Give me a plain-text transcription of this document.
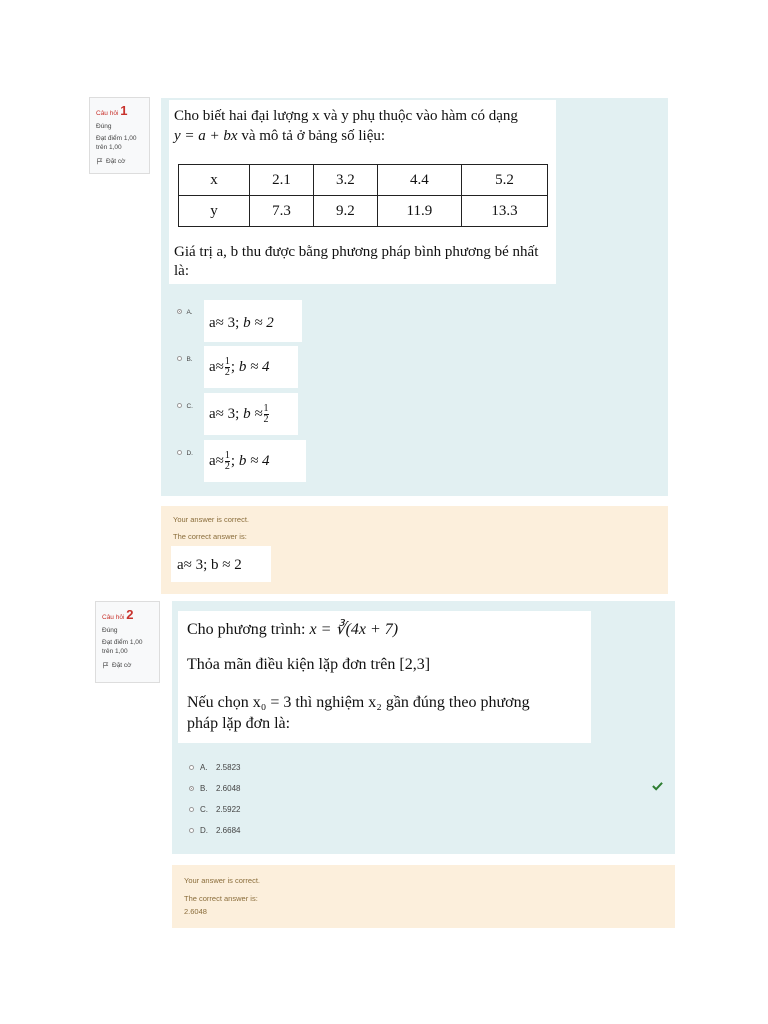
Câu hỏi 1
Đúng
Đạt điểm 1,00
trên 1,00
Đặt cờ
Cho biết hai đại lượng x và y phụ thuộc vào hàm có dạng
y = a + bx và mô tả ở bảng số liệu:
x	2.1	3.2	4.4	5.2
y	7.3	9.2	11.9	13.3
Giá trị a, b thu được bằng phương pháp bình phương bé nhất
là:
A.
a≈ 3; b ≈ 2
B. $a\approx \frac{1}{2}$ ; b ≈ 4
C. a≈ 3; $b \approx \frac{1}{2}$
D. $a\approx \frac{1}{2}$ ; b ≈ 4
Your answer is correct.
The correct answer is:
a≈ 3; b ≈ 2
Câu hỏi 2
Đúng
Đạt điểm 1,00
trên 1,00
Đặt cờ
Cho phương trình: x = ∛(4x + 7)
Thỏa mãn điều kiện lặp đơn trên [2,3]
Nếu chọn x₀ = 3 thì nghiệm x₂ gần đúng theo phương
pháp lặp đơn là:
A.	2.5823
B.	2.6048
C.	2.5922
D.	2.6684
Your answer is correct.
The correct answer is:
2.6048
